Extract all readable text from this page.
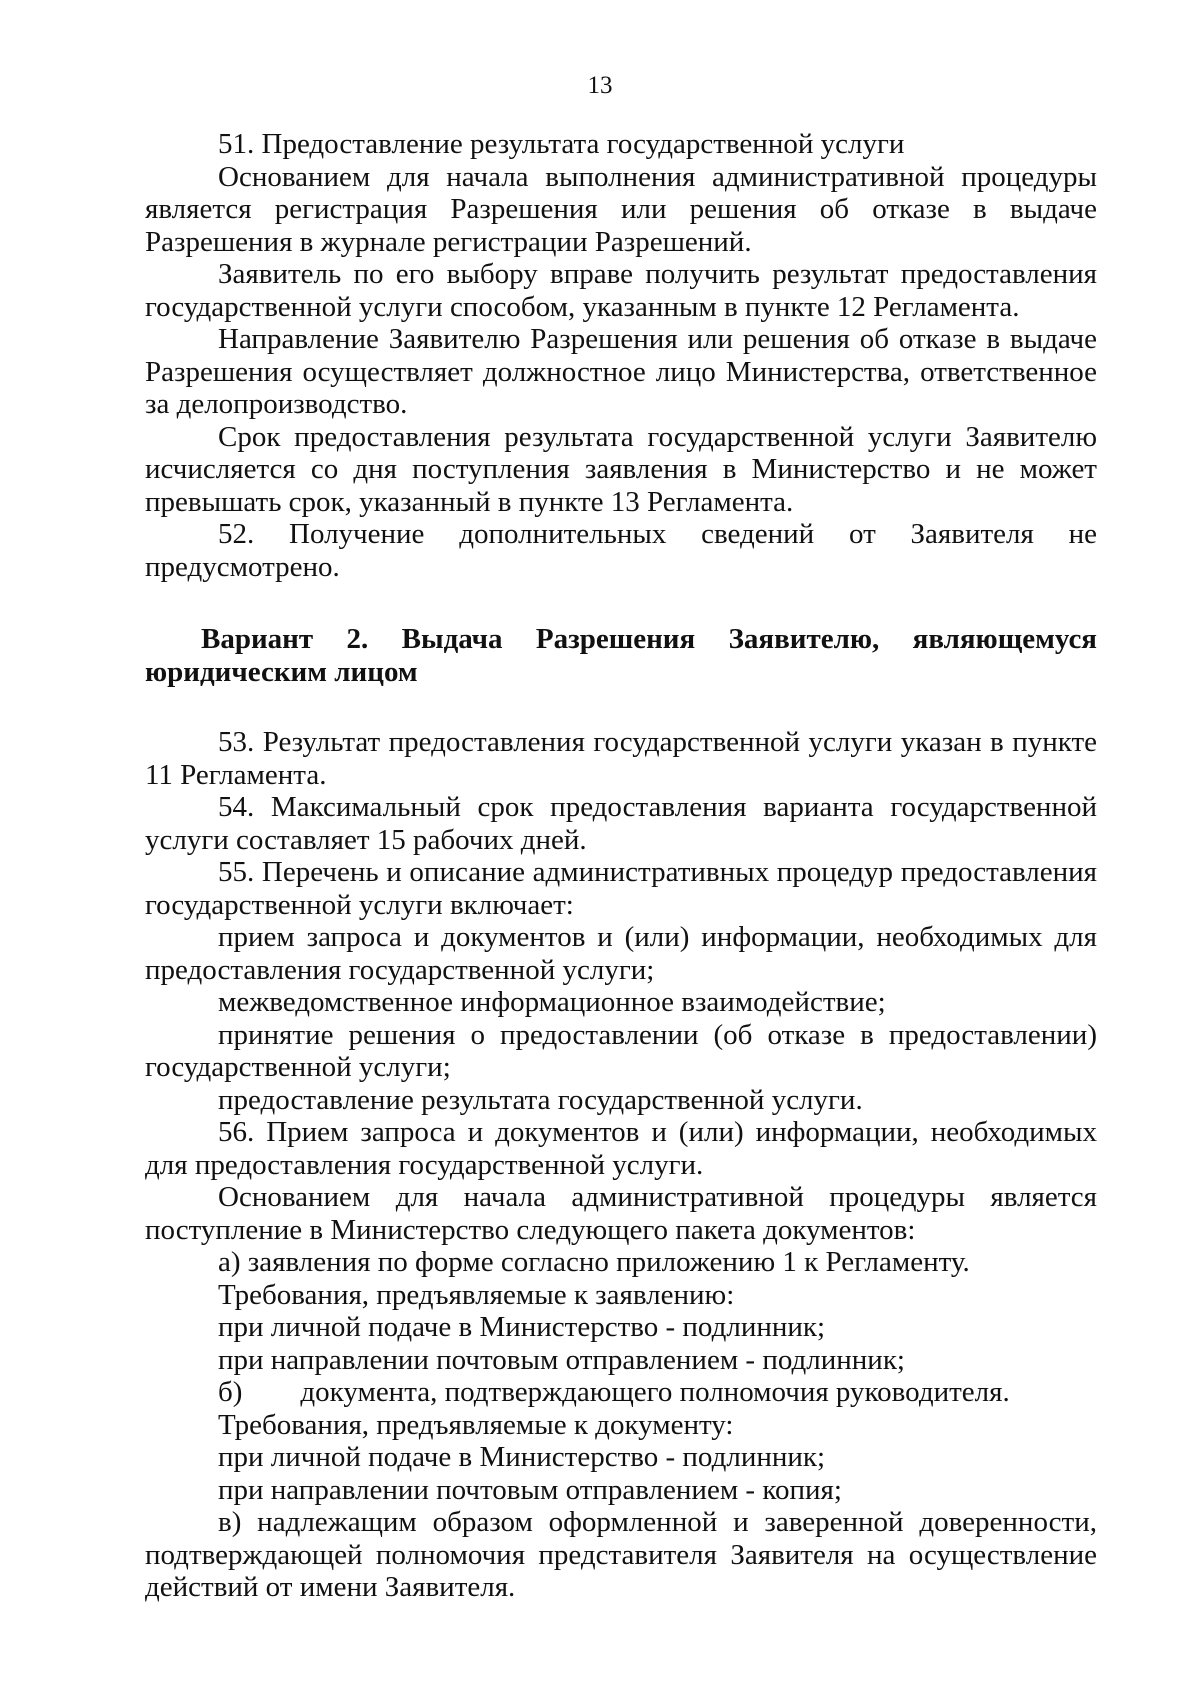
13

51. Предоставление результата государственной услуги

Основанием для начала выполнения административной процедуры является регистрация Разрешения или решения об отказе в выдаче Разрешения в журнале регистрации Разрешений.

Заявитель по его выбору вправе получить результат предоставления государственной услуги способом, указанным в пункте 12 Регламента.

Направление Заявителю Разрешения или решения об отказе в выдаче Разрешения осуществляет должностное лицо Министерства, ответственное за делопроизводство.

Срок предоставления результата государственной услуги Заявителю исчисляется со дня поступления заявления в Министерство и не может превышать срок, указанный в пункте 13 Регламента.

52. Получение дополнительных сведений от Заявителя не предусмотрено.

Вариант 2. Выдача Разрешения Заявителю, являющемуся юридическим лицом

53. Результат предоставления государственной услуги указан в пункте 11 Регламента.

54. Максимальный срок предоставления варианта государственной услуги составляет 15 рабочих дней.

55. Перечень и описание административных процедур предоставления государственной услуги включает:

прием запроса и документов и (или) информации, необходимых для предоставления государственной услуги;

межведомственное информационное взаимодействие;

принятие решения о предоставлении (об отказе в предоставлении) государственной услуги;

предоставление результата государственной услуги.

56. Прием запроса и документов и (или) информации, необходимых для предоставления государственной услуги.

Основанием для начала административной процедуры является поступление в Министерство следующего пакета документов:

а) заявления по форме согласно приложению 1 к Регламенту.

Требования, предъявляемые к заявлению:

при личной подаче в Министерство - подлинник;

при направлении почтовым отправлением - подлинник;

б)  документа, подтверждающего полномочия руководителя.

Требования, предъявляемые к документу:

при личной подаче в Министерство - подлинник;

при направлении почтовым отправлением - копия;

в) надлежащим образом оформленной и заверенной доверенности, подтверждающей полномочия представителя Заявителя на осуществление действий от имени Заявителя.
